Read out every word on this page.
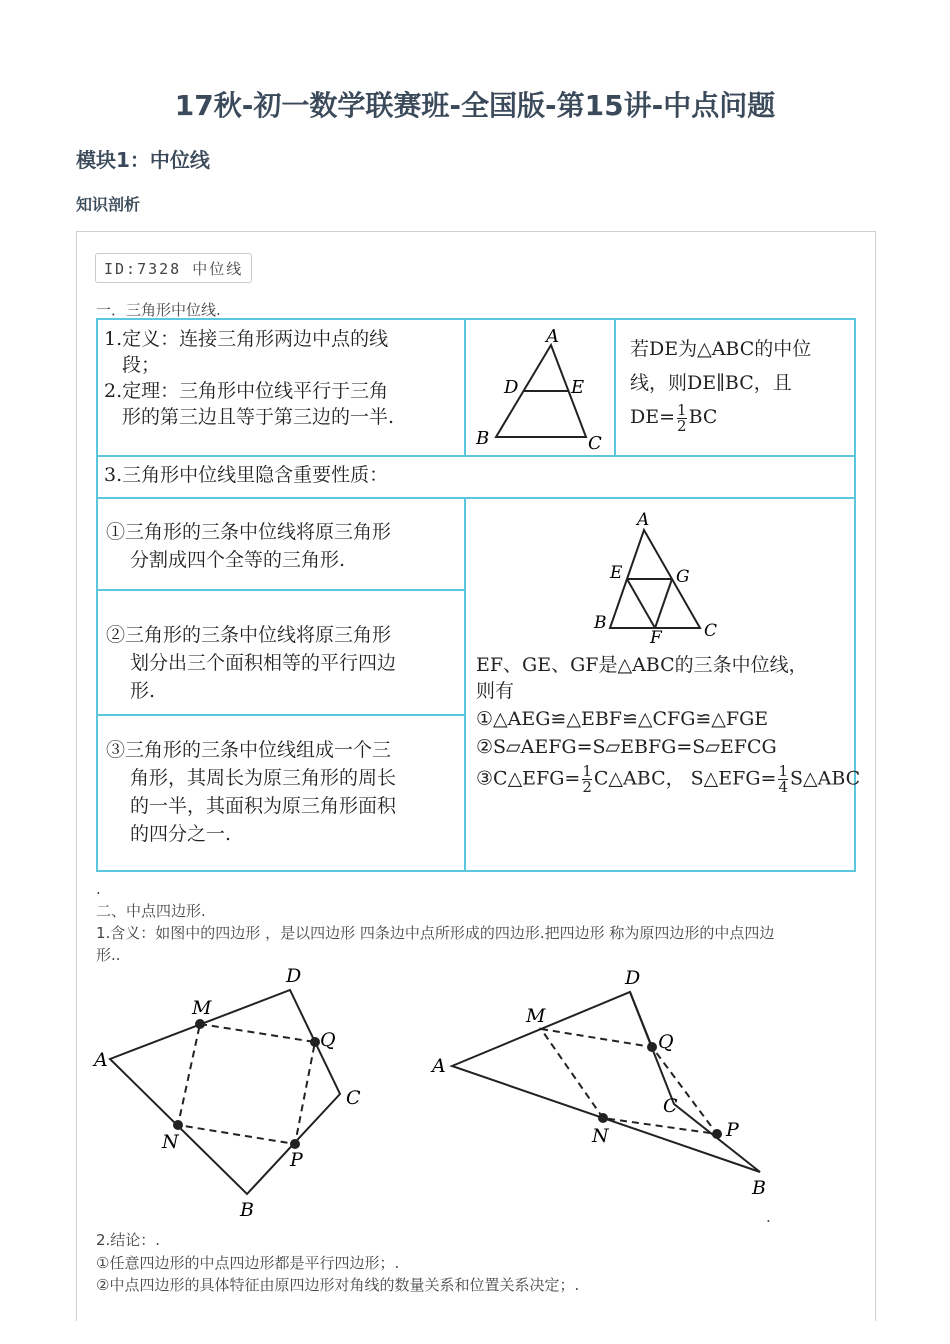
17秋-初一数学联赛班-全国版-第15讲-中点问题
模块1：中位线
知识剖析
ID:7328 中位线
一．三角形中位线.
1.定义：连接三角形两边中点的线
段；
2.定理：三角形中位线平行于三角
形的第三边且等于第三边的一半.
A
B	C
D	E
若DE为△ABC的中位
线，则DE∥BC，且
$DE= \frac{1}{2}$ BC
3.三角形中位线里隐含重要性质：
①三角形的三条中位线将原三角形
分割成四个全等的三角形.
②三角形的三条中位线将原三角形
划分出三个面积相等的平行四边
形.
③三角形的三条中位线组成一个三
角形，其周长为原三角形的周长
的一半，其面积为原三角形面积
的四分之一.
A
E	G
B
F C
EF、GE、GF是△ABC的三条中位线，
则有
①△AEG≌△EBF≌△CFG≌△FGE
②S▱AEFG=S▱EBFG=S▱EFCG
③C△EFG= $\frac{1}{2}$ C△ABC， S△EFG= $\frac{1}{4}$ S△ABC
.
二、中点四边形.
1.含义：如图中的四边形 ，是以四边形 四条边中点所形成的四边形.把四边形 称为原四边形的中点四边
形..
A
D
C
B
M
Q
P
N
A
D
C
B
M
Q
P
N
.
2.结论：.
①任意四边形的中点四边形都是平行四边形；.
②中点四边形的具体特征由原四边形对角线的数量关系和位置关系决定；.
